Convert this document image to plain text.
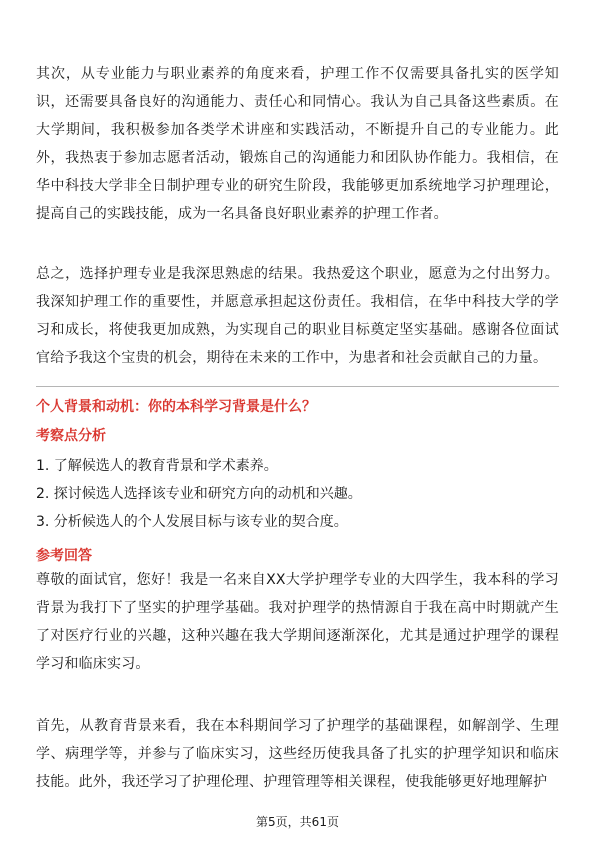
其次，从专业能力与职业素养的角度来看，护理工作不仅需要具备扎实的医学知识，还需要具备良好的沟通能力、责任心和同情心。我认为自己具备这些素质。在大学期间，我积极参加各类学术讲座和实践活动，不断提升自己的专业能力。此外，我热衷于参加志愿者活动，锻炼自己的沟通能力和团队协作能力。我相信，在华中科技大学非全日制护理专业的研究生阶段，我能够更加系统地学习护理理论，提高自己的实践技能，成为一名具备良好职业素养的护理工作者。

总之，选择护理专业是我深思熟虑的结果。我热爱这个职业，愿意为之付出努力。我深知护理工作的重要性，并愿意承担起这份责任。我相信，在华中科技大学的学习和成长，将使我更加成熟，为实现自己的职业目标奠定坚实基础。感谢各位面试官给予我这个宝贵的机会，期待在未来的工作中，为患者和社会贡献自己的力量。

个人背景和动机：你的本科学习背景是什么？
考察点分析
1. 了解候选人的教育背景和学术素养。
2. 探讨候选人选择该专业和研究方向的动机和兴趣。
3. 分析候选人的个人发展目标与该专业的契合度。
参考回答

尊敬的面试官，您好！我是一名来自XX大学护理学专业的大四学生，我本科的学习背景为我打下了坚实的护理学基础。我对护理学的热情源自于我在高中时期就产生了对医疗行业的兴趣，这种兴趣在我大学期间逐渐深化，尤其是通过护理学的课程学习和临床实习。

首先，从教育背景来看，我在本科期间学习了护理学的基础课程，如解剖学、生理学、病理学等，并参与了临床实习，这些经历使我具备了扎实的护理学知识和临床技能。此外，我还学习了护理伦理、护理管理等相关课程，使我能够更好地理解护

第5页，共61页
